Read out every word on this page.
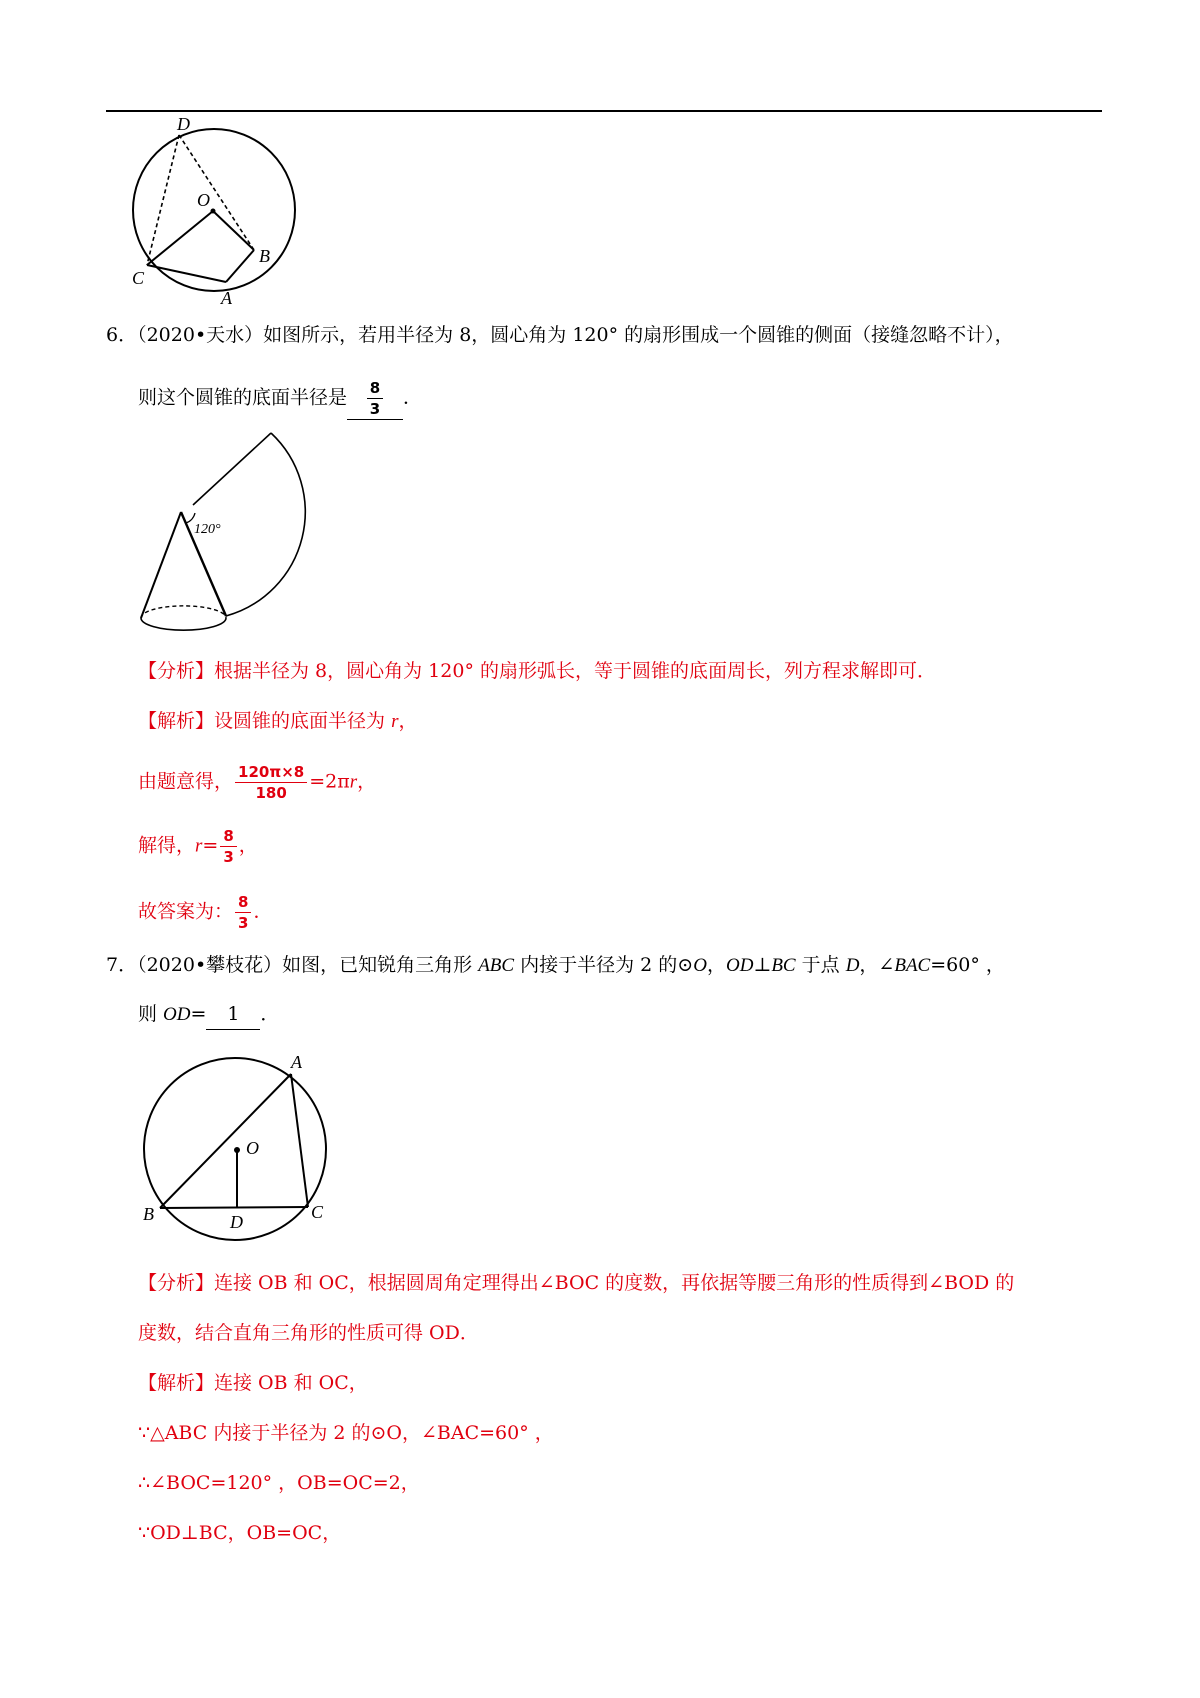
D
O
C
B
A
6．（2020•天水）如图所示，若用半径为 8，圆心角为 120° 的扇形围成一个圆锥的侧面（接缝忽略不计），
则这个圆锥的底面半径是 $\frac{8}{3}$ ．
120°
【分析】根据半径为 8，圆心角为 120° 的扇形弧长，等于圆锥的底面周长，列方程求解即可．
【解析】设圆锥的底面半径为 r，
由题意得， $\frac{120\pi\times 8}{180} =2\pi r$，
解得，$r= \frac{8}{3}$ ，
故答案为： $\frac{8}{3}$ ．
7．（2020•攀枝花）如图，已知锐角三角形 ABC 内接于半径为 2 的⊙O，OD⊥BC 于点 D，∠BAC=60° ，
则 OD= 1 ．
A
O
B	D	C
【分析】连接 OB 和 OC，根据圆周角定理得出∠BOC 的度数，再依据等腰三角形的性质得到∠BOD 的
度数，结合直角三角形的性质可得 OD．
【解析】连接 OB 和 OC，
∵△ABC 内接于半径为 2 的⊙O，∠BAC=60° ，
∴∠BOC=120° ，OB=OC=2，
∵OD⊥BC，OB=OC，
